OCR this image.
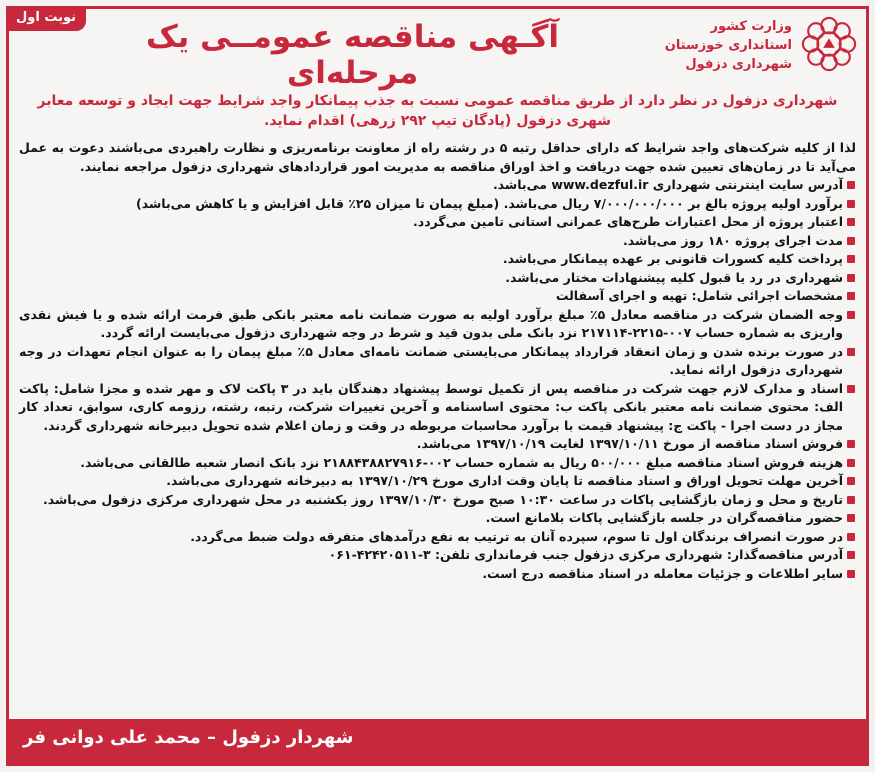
نوبت اول
آگـهی مناقصه عمومــی یک مرحله‌ای
وزارت کشور
استانداری خوزستان
شهرداری دزفول
شهرداری دزفول در نظر دارد از طریق مناقصه عمومی نسبت به جذب پیمانکار واجد شرایط جهت ایجاد و توسعه معابر شهری دزفول (پادگان تیپ ۲۹۲ زرهی) اقدام نماید.

لذا از کلیه شرکت‌های واجد شرایط که دارای حداقل رتبه ۵ در رشته راه از معاونت برنامه‌ریزی و نظارت راهبردی می‌باشند دعوت به عمل می‌آید تا در زمان‌های تعیین شده جهت دریافت و اخذ اوراق مناقصه به مدیریت امور قراردادهای شهرداری دزفول مراجعه نمایند.

آدرس سایت اینترنتی شهرداری www.dezful.ir می‌باشد.
برآورد اولیه پروژه بالغ بر ۷/۰۰۰/۰۰۰/۰۰۰ ریال می‌باشد. (مبلغ پیمان تا میزان ۲۵٪ قابل افزایش و یا کاهش می‌باشد)
اعتبار پروژه از محل اعتبارات طرح‌های عمرانی استانی تامین می‌گردد.
مدت اجرای پروژه ۱۸۰ روز می‌باشد.
پرداخت کلیه کسورات قانونی بر عهده پیمانکار می‌باشد.
شهرداری در رد یا قبول کلیه پیشنهادات مختار می‌باشد.
مشخصات اجرائی شامل: تهیه و اجرای آسفالت
وجه الضمان شرکت در مناقصه معادل ۵٪ مبلغ برآورد اولیه به صورت ضمانت نامه معتبر بانکی طبق فرمت ارائه شده و یا فیش نقدی واریزی به شماره حساب ۰۰۷-۲۲۱۵-۲۱۷۱۱۴ نزد بانک ملی بدون قید و شرط در وجه شهرداری دزفول می‌بایست ارائه گردد.
در صورت برنده شدن و زمان انعقاد قرارداد پیمانکار می‌بایستی ضمانت نامه‌ای معادل ۵٪ مبلغ پیمان را به عنوان انجام تعهدات در وجه شهرداری دزفول ارائه نماید.
اسناد و مدارک لازم جهت شرکت در مناقصه پس از تکمیل توسط پیشنهاد دهندگان باید در ۳ پاکت لاک و مهر شده و مجزا شامل: پاکت الف: محتوی ضمانت نامه معتبر بانکی پاکت ب: محتوی اساسنامه و آخرین تغییرات شرکت، رتبه، رشته، رزومه کاری، سوابق، تعداد کار مجاز در دست اجرا - پاکت ج: پیشنهاد قیمت با برآورد محاسبات مربوطه در وقت و زمان اعلام شده تحویل دبیرخانه شهرداری گردند.
فروش اسناد مناقصه از مورخ ۱۳۹۷/۱۰/۱۱ لغایت ۱۳۹۷/۱۰/۱۹ می‌باشد.
هزینه فروش اسناد مناقصه مبلغ ۵۰۰/۰۰۰ ریال به شماره حساب ۰۰۲-۲۱۸۸۴۳۸۸۲۷۹۱۶ نزد بانک انصار شعبه طالقانی می‌باشد.
آخرین مهلت تحویل اوراق و اسناد مناقصه تا پایان وقت اداری مورخ ۱۳۹۷/۱۰/۲۹ به دبیرخانه شهرداری می‌باشد.
تاریخ و محل و زمان بازگشایی پاکات در ساعت ۱۰:۳۰ صبح مورخ ۱۳۹۷/۱۰/۳۰ روز یکشنبه در محل شهرداری مرکزی دزفول می‌باشد.
حضور مناقصه‌گران در جلسه بازگشایی پاکات بلامانع است.
در صورت انصراف برندگان اول تا سوم، سپرده آنان به ترتیب به نفع درآمدهای متفرقه دولت ضبط می‌گردد.
آدرس مناقصه‌گذار: شهرداری مرکزی دزفول جنب فرمانداری تلفن: ۳-۴۲۴۲۰۵۱۱-۰۶۱
سایر اطلاعات و جزئیات معامله در اسناد مناقصه درج است.
شهردار دزفول – محمد علی دوانی فر
